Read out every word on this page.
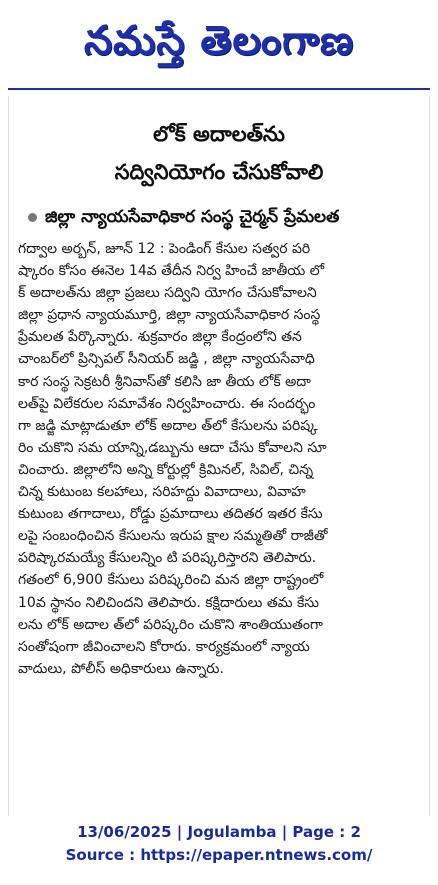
నమస్తే తెలంగాణ
లోక్ అదాలత్‌ను
సద్వినియోగం చేసుకోవాలి
జిల్లా న్యాయసేవాధికార సంస్థ చైర్మన్ ప్రేమలత
గద్వాల అర్బన్, జూన్ 12 : పెండింగ్ కేసుల సత్వర పరి
ష్కారం కోసం ఈనెల 14వ తేదీన నిర్వ హించే జాతీయ లో
క్ అదాలత్‌ను జిల్లా ప్రజలు సద్విని యోగం చేసుకోవాలని
జిల్లా ప్రధాన న్యాయమూర్తి, జిల్లా న్యాయసేవాధికార సంస్థ
ప్రేమలత పేర్కొన్నారు. శుక్రవారం జిల్లా కేంద్రంలోని తన
చాంబర్‌లో ప్రిన్సిపల్ సీనియర్ జడ్జి , జిల్లా న్యాయసేవాధి
కార సంస్థ సెక్రటరీ శ్రీనివాస్‌తో కలిసి జా తీయ లోక్ అదా
లత్‌పై విలేకరుల సమావేశం నిర్వహించారు. ఈ సందర్భం
గా జడ్జి మాట్లాడుతూ లోక్ అదాల త్‌లో కేసులను పరిష్క
రిం చుకొని సమ యాన్ని,డబ్బును ఆదా చేసు కోవాలని సూ
చించారు. జిల్లాలోని అన్ని కోర్టుల్లో క్రిమినల్, సివిల్, చిన్న
చిన్న కుటుంబ కలహాలు, సరిహద్దు వివాదాలు, వివాహ
కుటుంబ తగాదాలు, రోడ్డు ప్రమాదాలు తదితర ఇతర కేసు
లపై సంబంధించిన కేసులను ఇరుప క్షాల సమ్మతితో రాజీతో
పరిష్కారమయ్యే కేసులన్నిం టి పరిష్కరిస్తారని తెలిపారు.
గతంలో 6,900 కేసులు పరిష్కరించి మన జిల్లా రాష్ట్రంలో
10వ స్థానం నిలిచిందని తెలిపారు. కక్షిదారులు తమ కేసు
లను లోక్ అదాల త్‌లో పరిష్కరిం చుకొని శాంతియుతంగా
సంతోషంగా జీవించాలని కోరారు. కార్యక్రమంలో న్యాయ
వాదులు, పోలీస్ అధికారులు ఉన్నారు.
13/06/2025 | Jogulamba | Page : 2
Source : https://epaper.ntnews.com/
